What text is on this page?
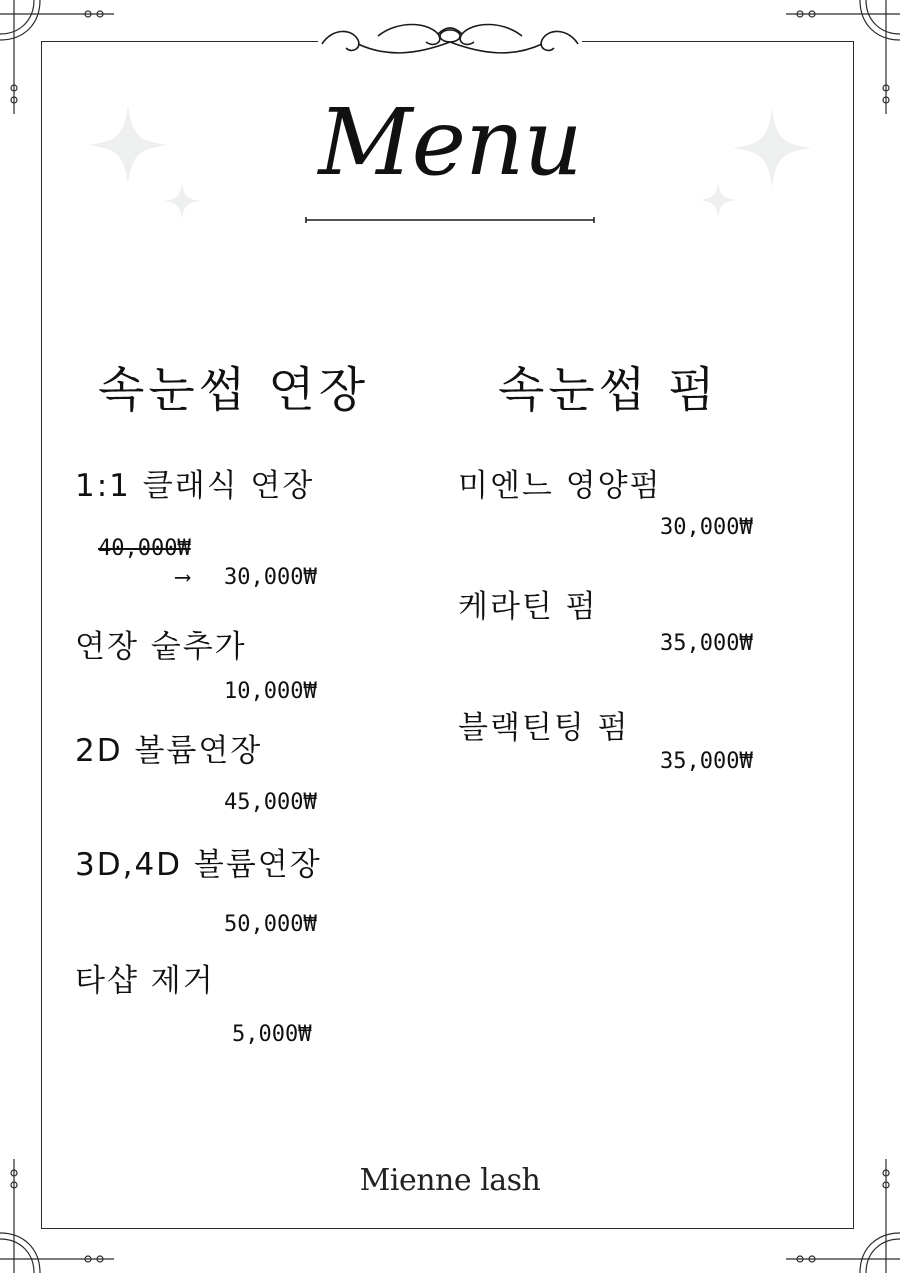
Menu
속눈썹 연장
1:1 클래식 연장
40,000₩
⟶ 30,000₩
연장 숱추가
10,000₩
2D 볼륨연장
45,000₩
3D,4D 볼륨연장
50,000₩
타샵 제거
5,000₩
속눈썹 펌
미엔느 영양펌
30,000₩
케라틴 펌
35,000₩
블랙틴팅 펌
35,000₩
Mienne lash
